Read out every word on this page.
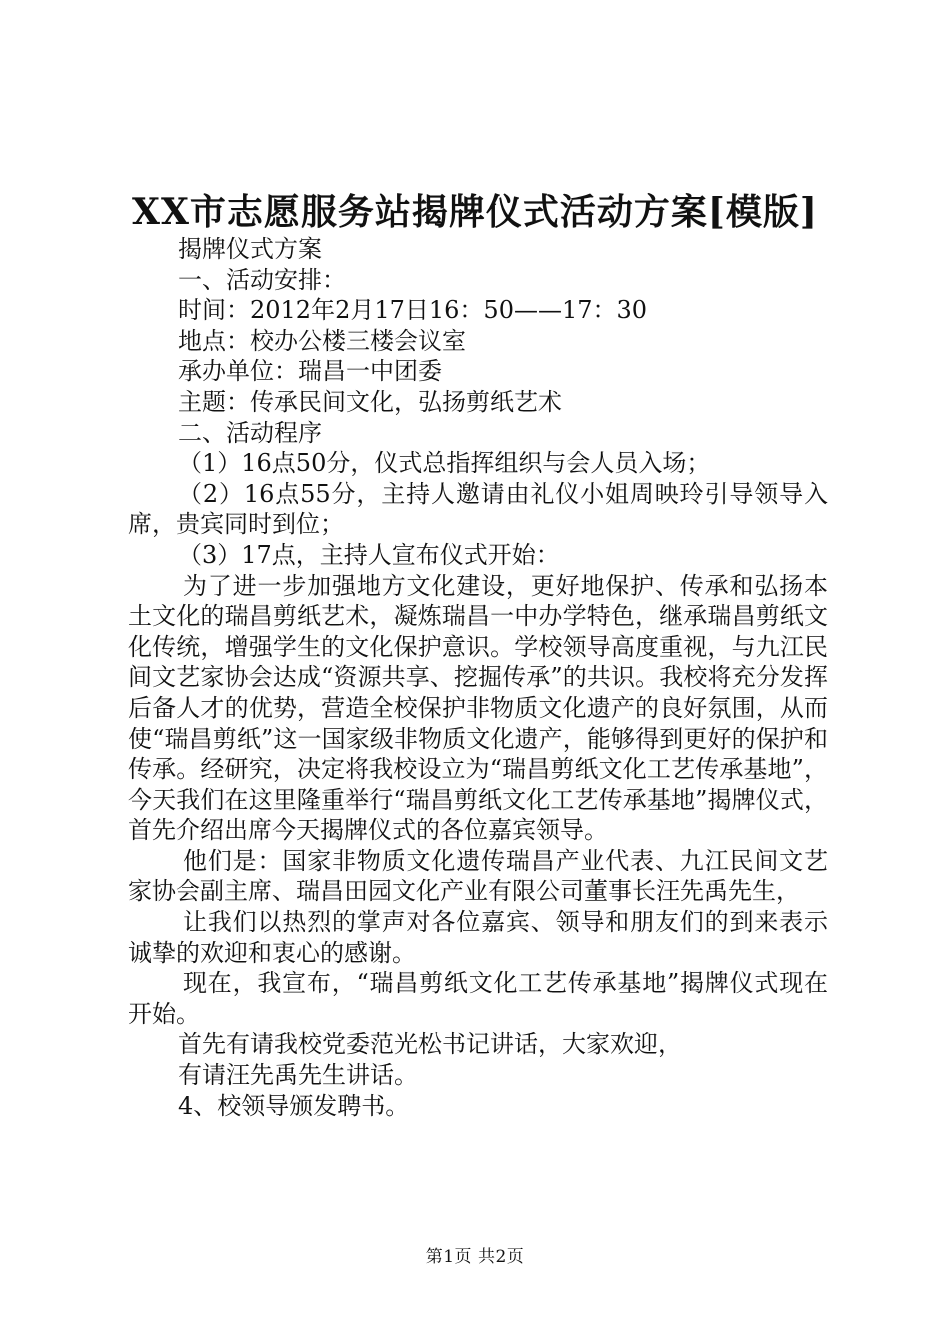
XX市志愿服务站揭牌仪式活动方案[模版]

揭牌仪式方案

一、活动安排：

时间：2012年2月17日16：50——17：30

地点：校办公楼三楼会议室

承办单位：瑞昌一中团委

主题：传承民间文化，弘扬剪纸艺术

二、活动程序

（1）16点50分，仪式总指挥组织与会人员入场；

（2）16点55分，主持人邀请由礼仪小姐周映玲引导领导入席，贵宾同时到位；

（3）17点，主持人宣布仪式开始：

为了进一步加强地方文化建设，更好地保护、传承和弘扬本土文化的瑞昌剪纸艺术，凝炼瑞昌一中办学特色，继承瑞昌剪纸文化传统，增强学生的文化保护意识。学校领导高度重视，与九江民间文艺家协会达成“资源共享、挖掘传承”的共识。我校将充分发挥后备人才的优势，营造全校保护非物质文化遗产的良好氛围，从而使“瑞昌剪纸”这一国家级非物质文化遗产，能够得到更好的保护和传承。经研究，决定将我校设立为“瑞昌剪纸文化工艺传承基地”，今天我们在这里隆重举行“瑞昌剪纸文化工艺传承基地”揭牌仪式，首先介绍出席今天揭牌仪式的各位嘉宾领导。

他们是：国家非物质文化遗传瑞昌产业代表、九江民间文艺家协会副主席、瑞昌田园文化产业有限公司董事长汪先禹先生，

让我们以热烈的掌声对各位嘉宾、领导和朋友们的到来表示诚挚的欢迎和衷心的感谢。

现在，我宣布，“瑞昌剪纸文化工艺传承基地”揭牌仪式现在开始。

首先有请我校党委范光松书记讲话，大家欢迎，

有请汪先禹先生讲话。

4、校领导颁发聘书。

第1页 共2页
